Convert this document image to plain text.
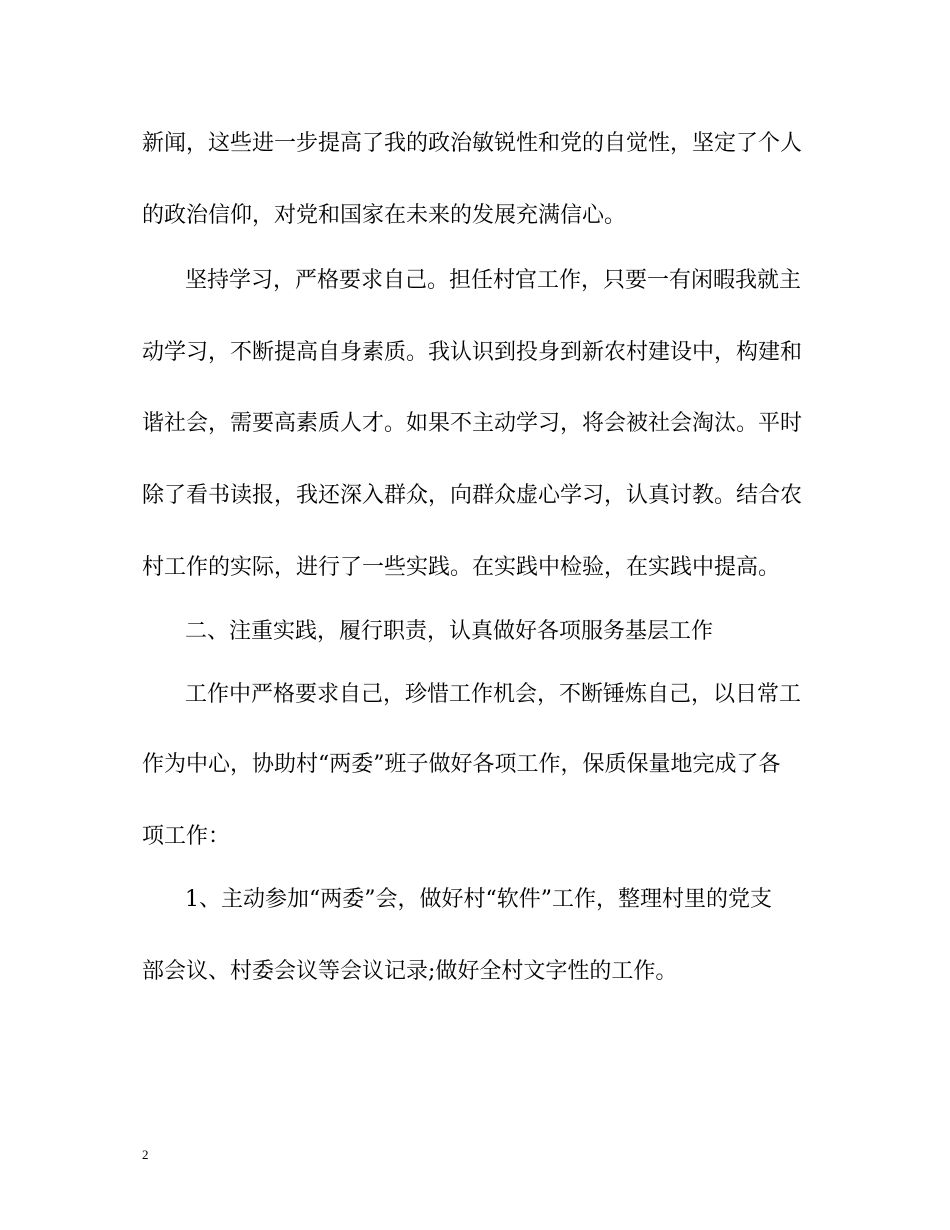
新闻，这些进一步提高了我的政治敏锐性和党的自觉性，坚定了个人
的政治信仰，对党和国家在未来的发展充满信心。
坚持学习，严格要求自己。担任村官工作，只要一有闲暇我就主
动学习，不断提高自身素质。我认识到投身到新农村建设中，构建和
谐社会，需要高素质人才。如果不主动学习，将会被社会淘汰。平时
除了看书读报，我还深入群众，向群众虚心学习，认真讨教。结合农
村工作的实际，进行了一些实践。在实践中检验，在实践中提高。
二、注重实践，履行职责，认真做好各项服务基层工作
工作中严格要求自己，珍惜工作机会，不断锤炼自己，以日常工
作为中心，协助村“两委”班子做好各项工作，保质保量地完成了各
项工作：
1、主动参加“两委”会，做好村“软件”工作，整理村里的党支
部会议、村委会议等会议记录;做好全村文字性的工作。
2
